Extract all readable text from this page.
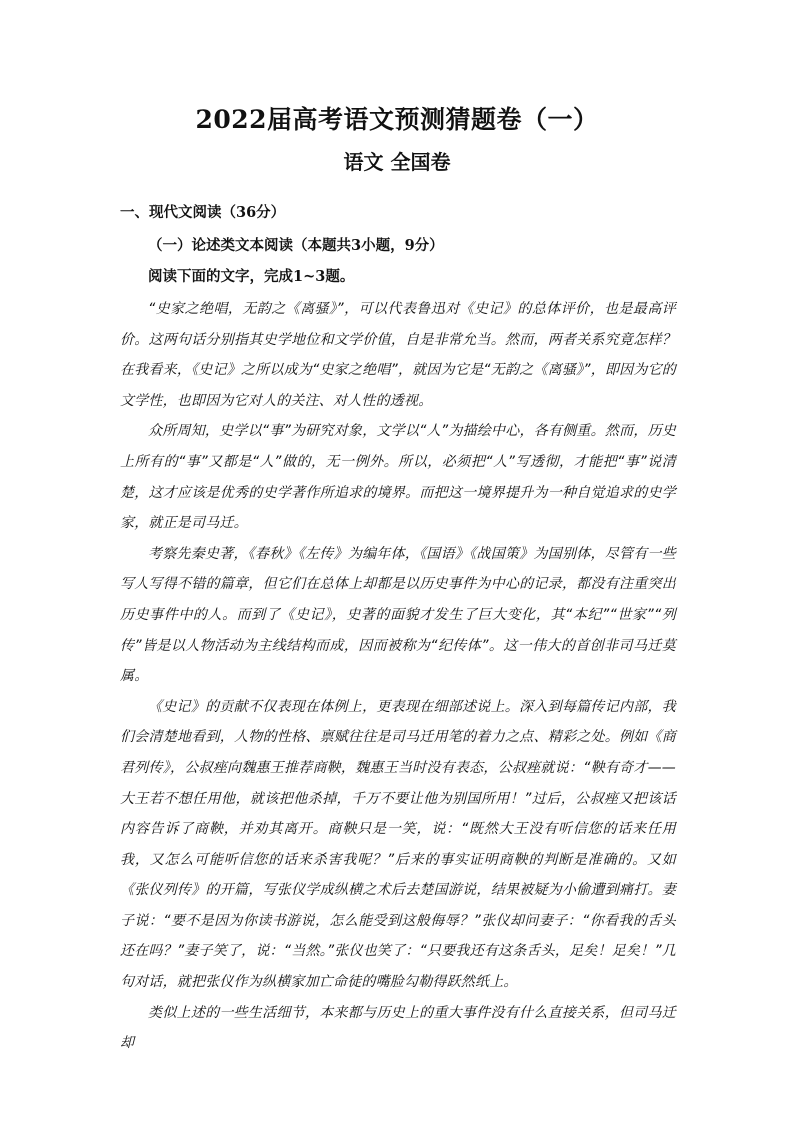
2022届高考语文预测猜题卷（一）
语文 全国卷
一、现代文阅读（36分）
（一）论述类文本阅读（本题共3小题，9分）
阅读下面的文字，完成1~3题。

“史家之绝唱，无韵之《离骚》”，可以代表鲁迅对《史记》的总体评价，也是最高评价。这两句话分别指其史学地位和文学价值，自是非常允当。然而，两者关系究竟怎样？在我看来，《史记》之所以成为“史家之绝唱”，就因为它是“无韵之《离骚》”，即因为它的文学性，也即因为它对人的关注、对人性的透视。

众所周知，史学以“事”为研究对象，文学以“人”为描绘中心，各有侧重。然而，历史上所有的“事”又都是“人”做的，无一例外。所以，必须把“人”写透彻，才能把“事”说清楚，这才应该是优秀的史学著作所追求的境界。而把这一境界提升为一种自觉追求的史学家，就正是司马迁。

考察先秦史著，《春秋》《左传》为编年体，《国语》《战国策》为国别体，尽管有一些写人写得不错的篇章，但它们在总体上却都是以历史事件为中心的记录，都没有注重突出历史事件中的人。而到了《史记》，史著的面貌才发生了巨大变化，其“本纪”“世家”“列传”皆是以人物活动为主线结构而成，因而被称为“纪传体”。这一伟大的首创非司马迁莫属。

《史记》的贡献不仅表现在体例上，更表现在细部述说上。深入到每篇传记内部，我们会清楚地看到，人物的性格、禀赋往往是司马迁用笔的着力之点、精彩之处。例如《商君列传》，公叔痤向魏惠王推荐商鞅，魏惠王当时没有表态，公叔痤就说：“鞅有奇才——大王若不想任用他，就该把他杀掉，千万不要让他为别国所用！”过后，公叔痤又把该话内容告诉了商鞅，并劝其离开。商鞅只是一笑，说：“既然大王没有听信您的话来任用我，又怎么可能听信您的话来杀害我呢？”后来的事实证明商鞅的判断是准确的。又如《张仪列传》的开篇，写张仪学成纵横之术后去楚国游说，结果被疑为小偷遭到痛打。妻子说：“要不是因为你读书游说，怎么能受到这般侮辱？”张仪却问妻子：“你看我的舌头还在吗？”妻子笑了，说：“当然。”张仪也笑了：“只要我还有这条舌头，足矣！足矣！”几句对话，就把张仪作为纵横家加亡命徒的嘴脸勾勒得跃然纸上。

类似上述的一些生活细节，本来都与历史上的重大事件没有什么直接关系，但司马迁却
